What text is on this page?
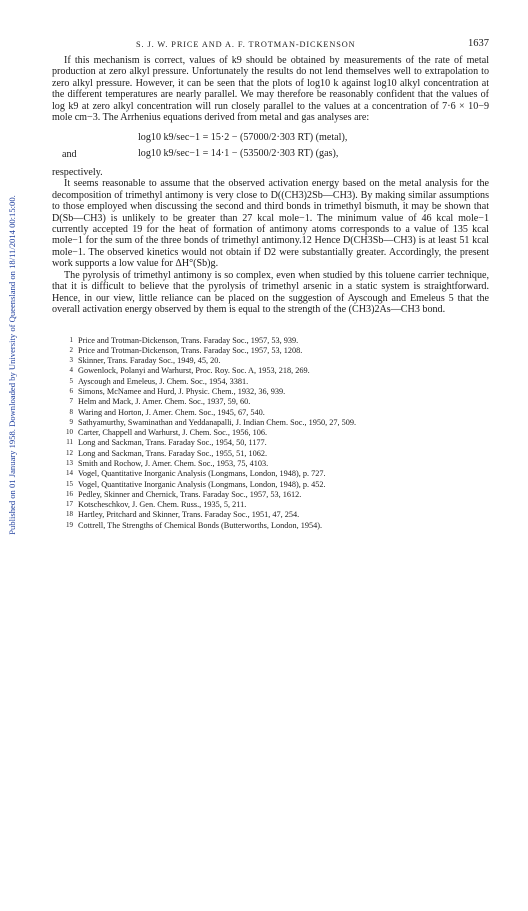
Published on 01 January 1958. Downloaded by University of Queensland on 18/11/2014 00:15:00.
S. J. W. PRICE AND A. F. TROTMAN-DICKENSON	1637

If this mechanism is correct, values of k9 should be obtained by measurements of the rate of metal production at zero alkyl pressure. Unfortunately the results do not lend themselves well to extrapolation to zero alkyl pressure. However, it can be seen that the plots of log10 k against log10 alkyl concentration at the different temperatures are nearly parallel. We may therefore be reasonably confident that the values of log k9 at zero alkyl concentration will run closely parallel to the values at a concentration of 7·6 × 10−9 mole cm−3. The Arrhenius equations derived from metal and gas analyses are:

log10 k9/sec−1 = 15·2 − (57000/2·303 RT) (metal),
and	log10 k9/sec−1 = 14·1 − (53500/2·303 RT) (gas),

respectively.

It seems reasonable to assume that the observed activation energy based on the metal analysis for the decomposition of trimethyl antimony is very close to D((CH3)2Sb—CH3). By making similar assumptions to those employed when discussing the second and third bonds in trimethyl bismuth, it may be shown that D(Sb—CH3) is unlikely to be greater than 27 kcal mole−1. The minimum value of 46 kcal mole−1 currently accepted 19 for the heat of formation of antimony atoms corresponds to a value of 135 kcal mole−1 for the sum of the three bonds of trimethyl antimony.12 Hence D(CH3Sb—CH3) is at least 51 kcal mole−1. The observed kinetics would not obtain if D2 were substantially greater. Accordingly, the present work supports a low value for ΔH°(Sb)g.

The pyrolysis of trimethyl antimony is so complex, even when studied by this toluene carrier technique, that it is difficult to believe that the pyrolysis of trimethyl arsenic in a static system is straightforward. Hence, in our view, little reliance can be placed on the suggestion of Ayscough and Emeleus 5 that the overall activation energy observed by them is equal to the strength of the (CH3)2As—CH3 bond.

1 Price and Trotman-Dickenson, Trans. Faraday Soc., 1957, 53, 939.
2 Price and Trotman-Dickenson, Trans. Faraday Soc., 1957, 53, 1208.
3 Skinner, Trans. Faraday Soc., 1949, 45, 20.
4 Gowenlock, Polanyi and Warhurst, Proc. Roy. Soc. A, 1953, 218, 269.
5 Ayscough and Emeleus, J. Chem. Soc., 1954, 3381.
6 Simons, McNamee and Hurd, J. Physic. Chem., 1932, 36, 939.
7 Helm and Mack, J. Amer. Chem. Soc., 1937, 59, 60.
8 Waring and Horton, J. Amer. Chem. Soc., 1945, 67, 540.
9 Sathyamurthy, Swaminathan and Yeddanapalli, J. Indian Chem. Soc., 1950, 27, 509.
10 Carter, Chappell and Warhurst, J. Chem. Soc., 1956, 106.
11 Long and Sackman, Trans. Faraday Soc., 1954, 50, 1177.
12 Long and Sackman, Trans. Faraday Soc., 1955, 51, 1062.
13 Smith and Rochow, J. Amer. Chem. Soc., 1953, 75, 4103.
14 Vogel, Quantitative Inorganic Analysis (Longmans, London, 1948), p. 727.
15 Vogel, Quantitative Inorganic Analysis (Longmans, London, 1948), p. 452.
16 Pedley, Skinner and Chernick, Trans. Faraday Soc., 1957, 53, 1612.
17 Kotscheschkov, J. Gen. Chem. Russ., 1935, 5, 211.
18 Hartley, Pritchard and Skinner, Trans. Faraday Soc., 1951, 47, 254.
19 Cottrell, The Strengths of Chemical Bonds (Butterworths, London, 1954).
